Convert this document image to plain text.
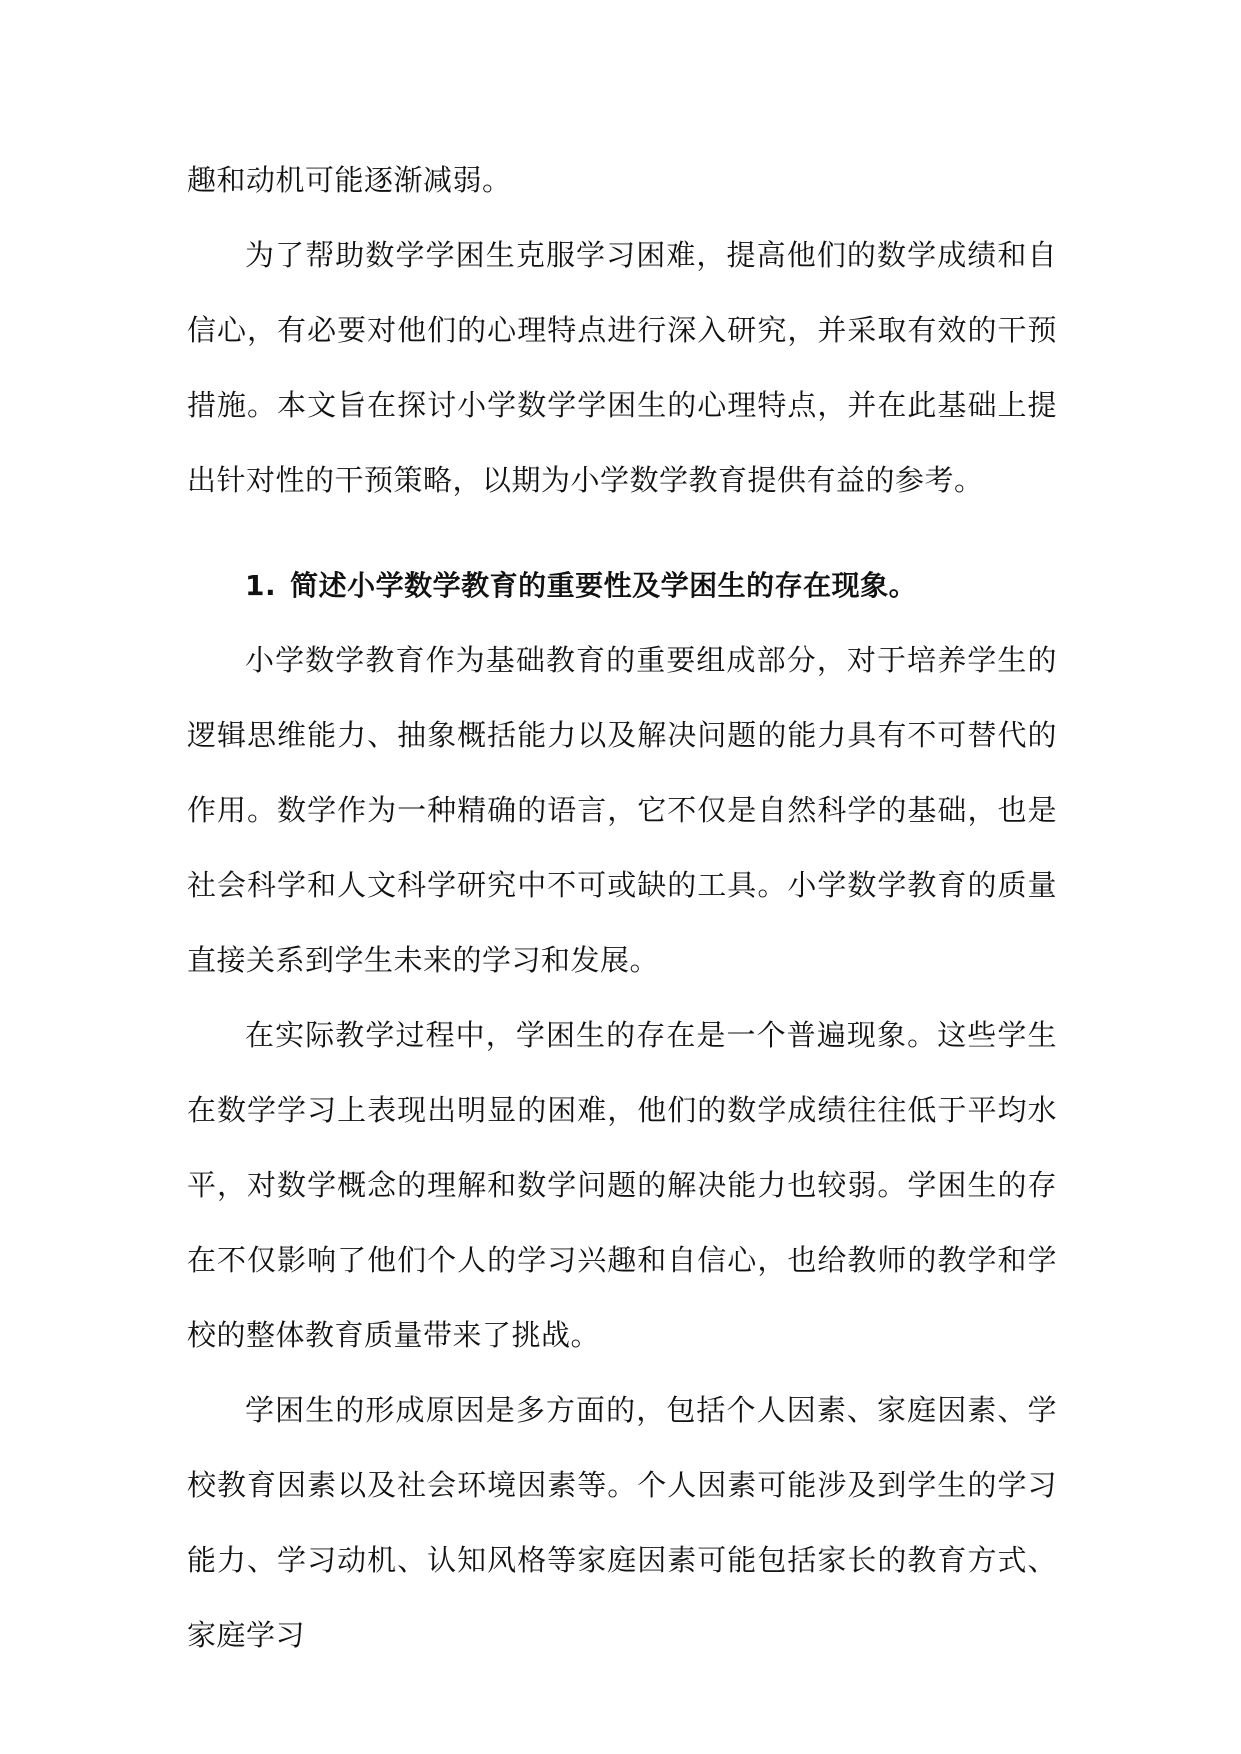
趣和动机可能逐渐减弱。

为了帮助数学学困生克服学习困难，提高他们的数学成绩和自信心，有必要对他们的心理特点进行深入研究，并采取有效的干预措施。本文旨在探讨小学数学学困生的心理特点，并在此基础上提出针对性的干预策略，以期为小学数学教育提供有益的参考。

1. 简述小学数学教育的重要性及学困生的存在现象。

小学数学教育作为基础教育的重要组成部分，对于培养学生的逻辑思维能力、抽象概括能力以及解决问题的能力具有不可替代的作用。数学作为一种精确的语言，它不仅是自然科学的基础，也是社会科学和人文科学研究中不可或缺的工具。小学数学教育的质量直接关系到学生未来的学习和发展。

在实际教学过程中，学困生的存在是一个普遍现象。这些学生在数学学习上表现出明显的困难，他们的数学成绩往往低于平均水平，对数学概念的理解和数学问题的解决能力也较弱。学困生的存在不仅影响了他们个人的学习兴趣和自信心，也给教师的教学和学校的整体教育质量带来了挑战。

学困生的形成原因是多方面的，包括个人因素、家庭因素、学校教育因素以及社会环境因素等。个人因素可能涉及到学生的学习能力、学习动机、认知风格等家庭因素可能包括家长的教育方式、家庭学习
